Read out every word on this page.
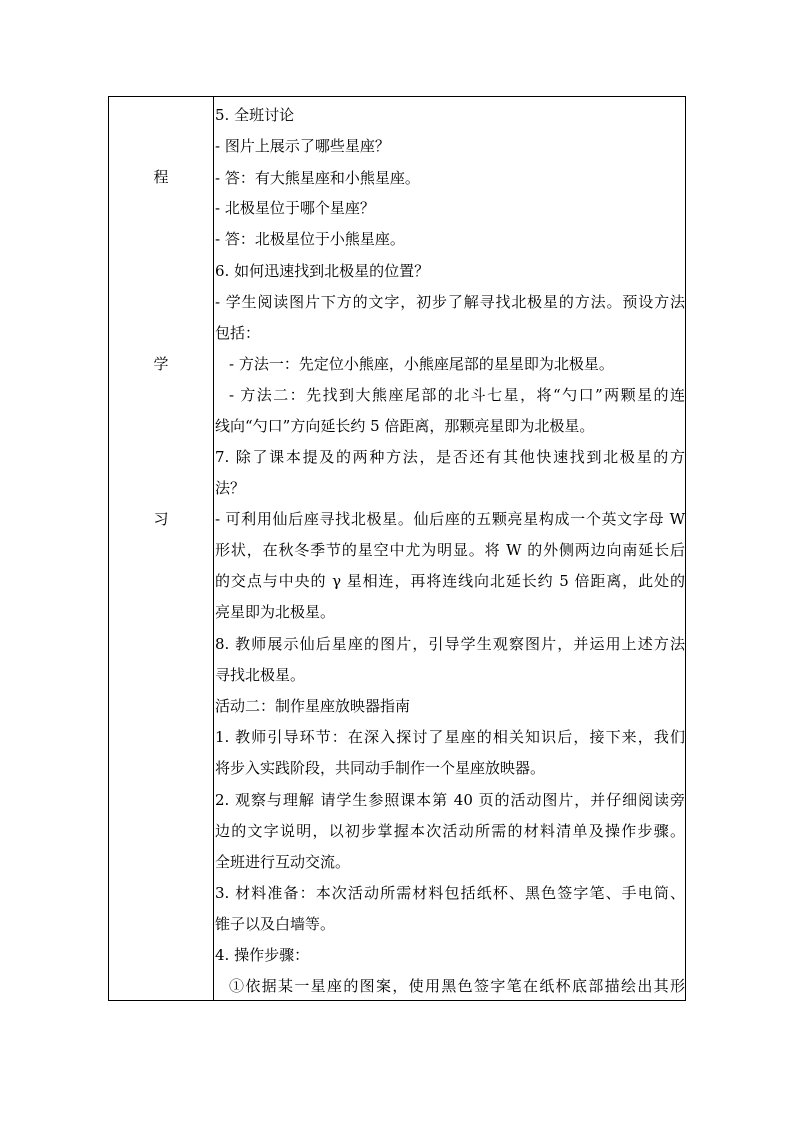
程
学
习
5. 全班讨论
- 图片上展示了哪些星座？
- 答：有大熊星座和小熊星座。
- 北极星位于哪个星座？
- 答：北极星位于小熊星座。
6. 如何迅速找到北极星的位置？
- 学生阅读图片下方的文字，初步了解寻找北极星的方法。预设方法
包括：
- 方法一：先定位小熊座，小熊座尾部的星星即为北极星。
- 方法二：先找到大熊座尾部的北斗七星，将“勺口”两颗星的连
线向“勺口”方向延长约 5 倍距离，那颗亮星即为北极星。
7. 除了课本提及的两种方法，是否还有其他快速找到北极星的方
法？
- 可利用仙后座寻找北极星。仙后座的五颗亮星构成一个英文字母 W
形状，在秋冬季节的星空中尤为明显。将 W 的外侧两边向南延长后
的交点与中央的 γ 星相连，再将连线向北延长约 5 倍距离，此处的
亮星即为北极星。
8. 教师展示仙后星座的图片，引导学生观察图片，并运用上述方法
寻找北极星。
活动二：制作星座放映器指南
1. 教师引导环节：在深入探讨了星座的相关知识后，接下来，我们
将步入实践阶段，共同动手制作一个星座放映器。
2. 观察与理解 请学生参照课本第 40 页的活动图片，并仔细阅读旁
边的文字说明，以初步掌握本次活动所需的材料清单及操作步骤。
全班进行互动交流。
3. 材料准备：本次活动所需材料包括纸杯、黑色签字笔、手电筒、
锥子以及白墙等。
4. 操作步骤：
①依据某一星座的图案，使用黑色签字笔在纸杯底部描绘出其形
